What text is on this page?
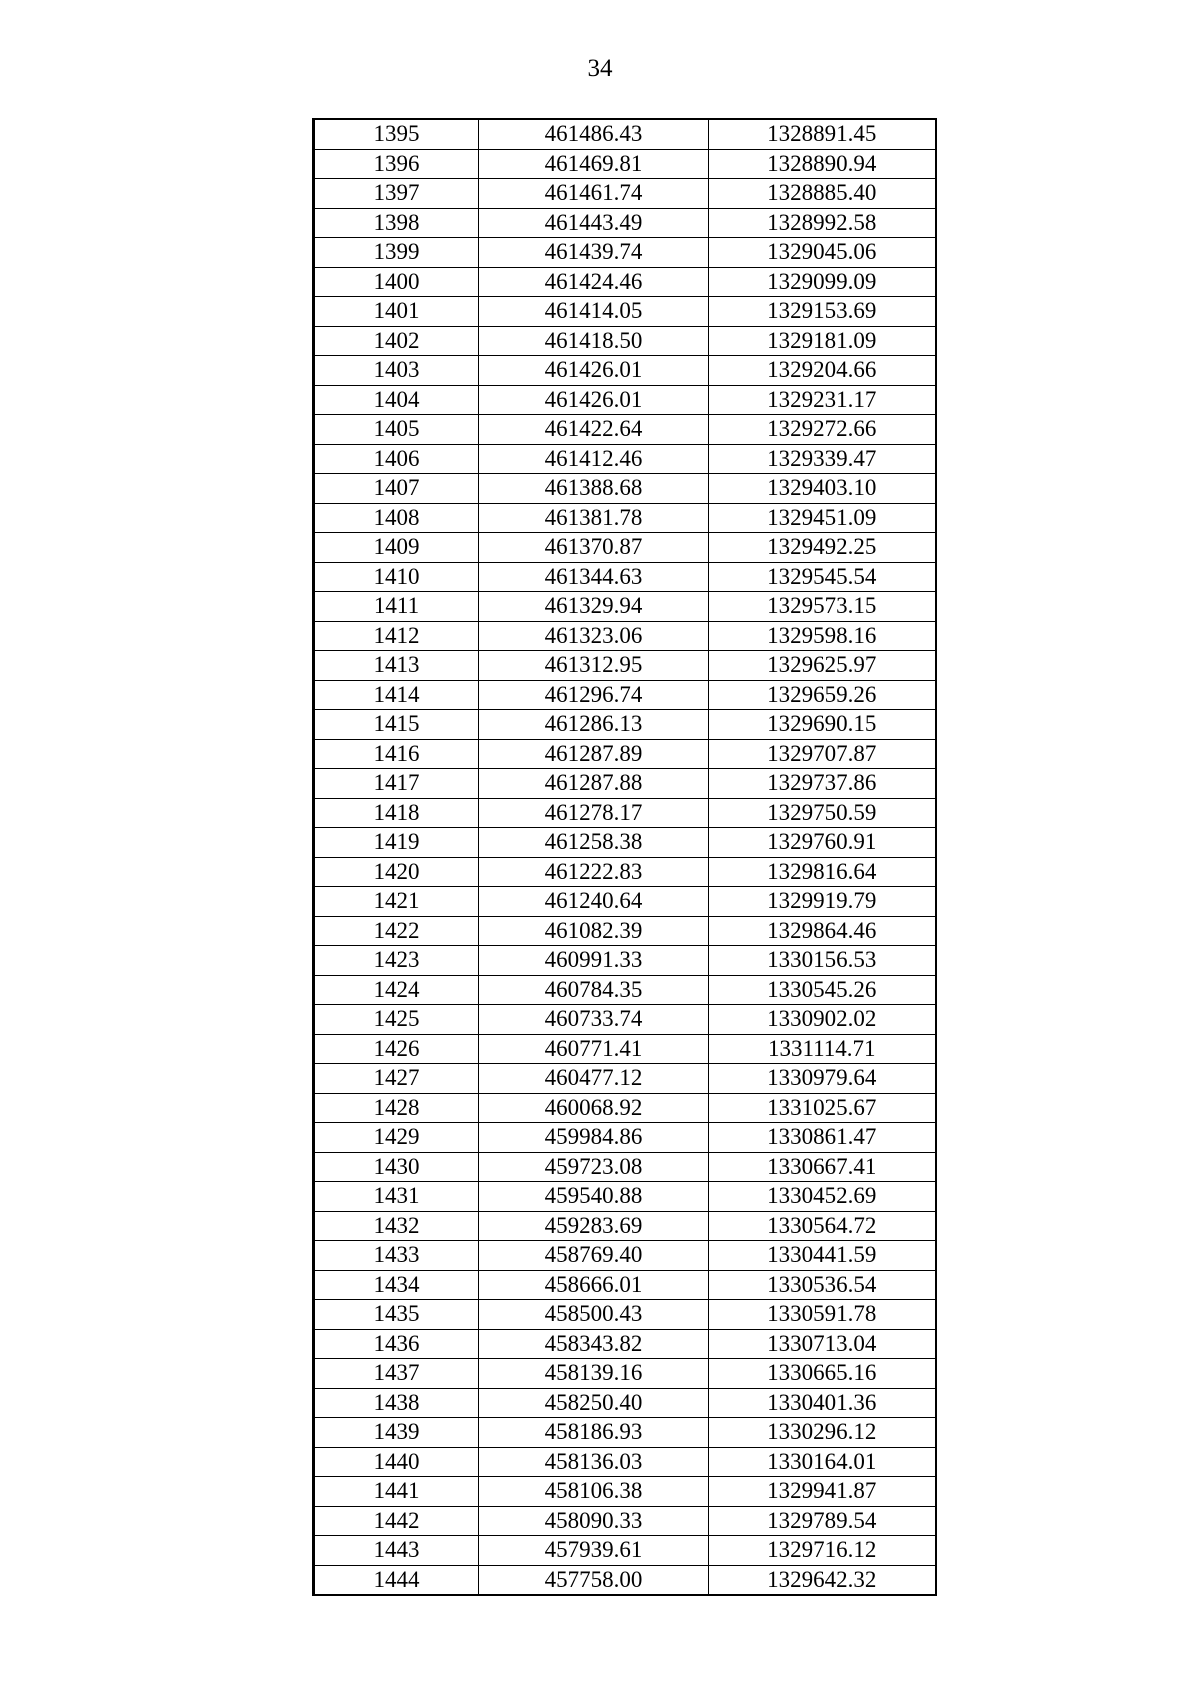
34
1395	461486.43	1328891.45
1396	461469.81	1328890.94
1397	461461.74	1328885.40
1398	461443.49	1328992.58
1399	461439.74	1329045.06
1400	461424.46	1329099.09
1401	461414.05	1329153.69
1402	461418.50	1329181.09
1403	461426.01	1329204.66
1404	461426.01	1329231.17
1405	461422.64	1329272.66
1406	461412.46	1329339.47
1407	461388.68	1329403.10
1408	461381.78	1329451.09
1409	461370.87	1329492.25
1410	461344.63	1329545.54
1411	461329.94	1329573.15
1412	461323.06	1329598.16
1413	461312.95	1329625.97
1414	461296.74	1329659.26
1415	461286.13	1329690.15
1416	461287.89	1329707.87
1417	461287.88	1329737.86
1418	461278.17	1329750.59
1419	461258.38	1329760.91
1420	461222.83	1329816.64
1421	461240.64	1329919.79
1422	461082.39	1329864.46
1423	460991.33	1330156.53
1424	460784.35	1330545.26
1425	460733.74	1330902.02
1426	460771.41	1331114.71
1427	460477.12	1330979.64
1428	460068.92	1331025.67
1429	459984.86	1330861.47
1430	459723.08	1330667.41
1431	459540.88	1330452.69
1432	459283.69	1330564.72
1433	458769.40	1330441.59
1434	458666.01	1330536.54
1435	458500.43	1330591.78
1436	458343.82	1330713.04
1437	458139.16	1330665.16
1438	458250.40	1330401.36
1439	458186.93	1330296.12
1440	458136.03	1330164.01
1441	458106.38	1329941.87
1442	458090.33	1329789.54
1443	457939.61	1329716.12
1444	457758.00	1329642.32
